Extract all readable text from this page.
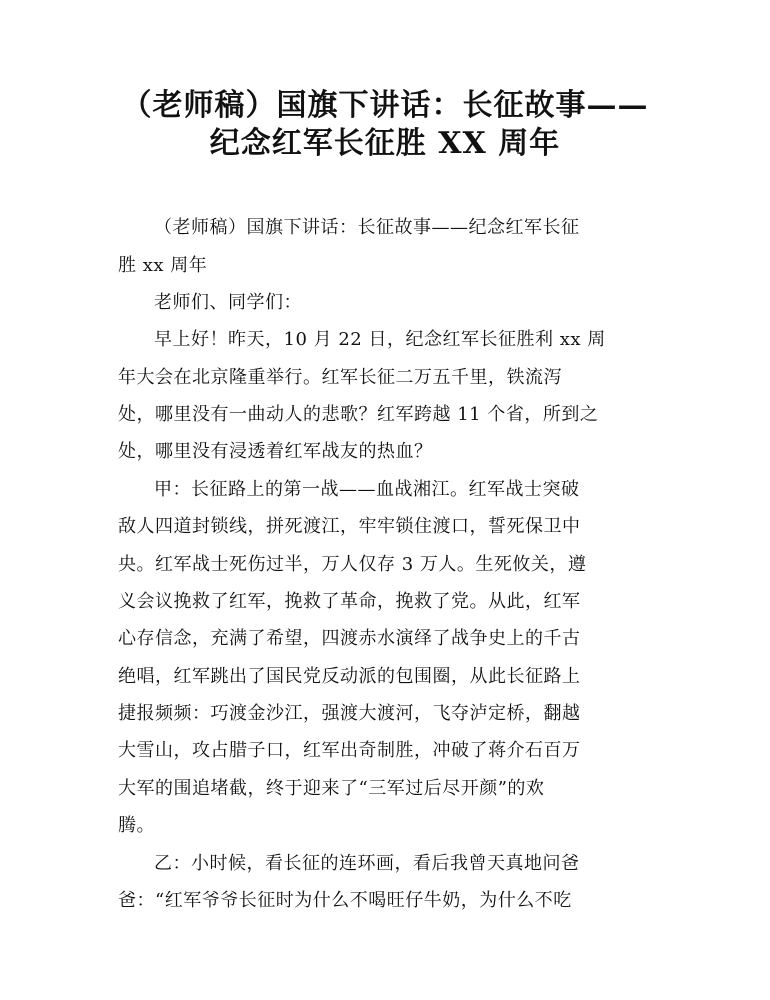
（老师稿）国旗下讲话：长征故事——
纪念红军长征胜 XX 周年

（老师稿）国旗下讲话：长征故事——纪念红军长征

胜 xx 周年

老师们、同学们：

早上好！昨天，10 月 22 日，纪念红军长征胜利 xx 周

年大会在北京隆重举行。红军长征二万五千里，铁流泻

处，哪里没有一曲动人的悲歌？红军跨越 11 个省，所到之

处，哪里没有浸透着红军战友的热血？

甲：长征路上的第一战——血战湘江。红军战士突破

敌人四道封锁线，拼死渡江，牢牢锁住渡口，誓死保卫中

央。红军战士死伤过半，万人仅存 3 万人。生死攸关，遵

义会议挽救了红军，挽救了革命，挽救了党。从此，红军

心存信念，充满了希望，四渡赤水演绎了战争史上的千古

绝唱，红军跳出了国民党反动派的包围圈，从此长征路上

捷报频频：巧渡金沙江，强渡大渡河，飞夺泸定桥，翻越

大雪山，攻占腊子口，红军出奇制胜，冲破了蒋介石百万

大军的围追堵截，终于迎来了“三军过后尽开颜”的欢

腾。

乙：小时候，看长征的连环画，看后我曾天真地问爸

爸：“红军爷爷长征时为什么不喝旺仔牛奶，为什么不吃
